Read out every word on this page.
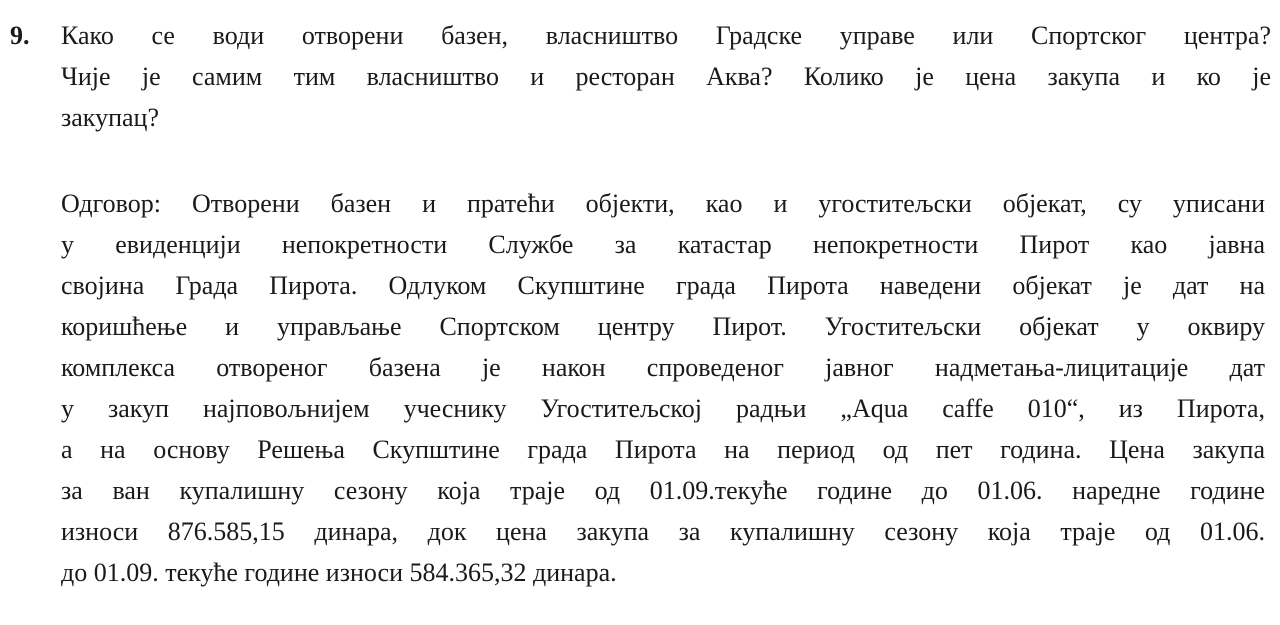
9. Како се води отворени базен, власништво Градске управе или Спортског центра?
Чије је самим тим власништво и ресторан Аква? Колико је цена закупа и ко је
закупац?
Одговор: Отворени базен и пратећи објекти, као и угоститељски објекат, су уписани
у евиденцији непокретности Службе за катастар непокретности Пирот као јавна
својина Града Пирота. Одлуком Скупштине града Пирота наведени објекат је дат на
коришћење и управљање Спортском центру Пирот. Угоститељски објекат у оквиру
комплекса отвореног базена је након спроведеног јавног надметања-лицитације дат
у закуп најповољнијем учеснику Угоститељској радњи „Aqua caffe 010“, из Пирота,
а на основу Решења Скупштине града Пирота на период од пет година. Цена закупа
за ван купалишну сезону која траје од 01.09.текуће године до 01.06. наредне године
износи 876.585,15 динара, док цена закупа за купалишну сезону која траје од 01.06.
до 01.09. текуће године износи 584.365,32 динара.
